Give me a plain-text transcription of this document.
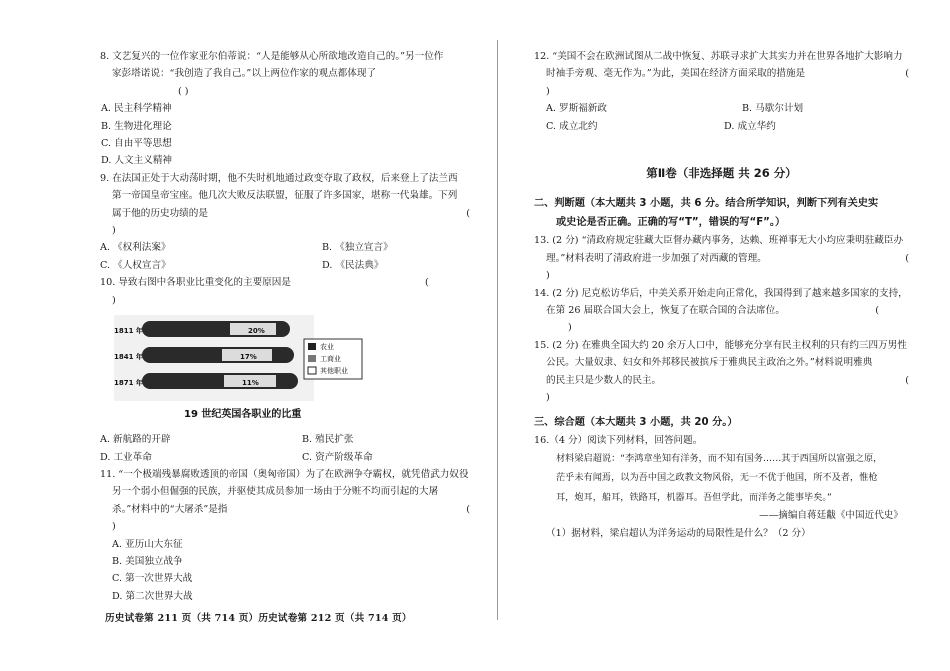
8. 文艺复兴的一位作家亚尔伯蒂说：“人是能够从心所欲地改造自己的。”另一位作

家彭塔诺说：“我创造了我自己。”以上两位作家的观点都体现了

( )

A. 民主科学精神

B. 生物进化理论

C. 自由平等思想

D. 人文主义精神

9. 在法国正处于大动荡时期，他不失时机地通过政变夺取了政权，后来登上了法兰西

第一帝国皇帝宝座。他几次大败反法联盟，征服了许多国家，堪称一代枭雄。下列

属于他的历史功绩的是	(

)

A. 《权利法案》	B. 《独立宣言》
C. 《人权宣言》	D. 《民法典》

10. 导致右图中各职业比重变化的主要原因是	(

)

20%
1811 年
17%
1841 年
11%
1871 年
农业
工商业
其他职业
19 世纪英国各职业的比重
A. 新航路的开辟	B. 殖民扩张
D. 工业革命	C. 资产阶级革命

11. “一个极端残暴腐败透顶的帝国（奥匈帝国）为了在欧洲争夺霸权，就凭借武力奴役

另一个弱小但倔强的民族，并驱使其成员参加一场由于分赃不均而引起的大屠

杀。”材料中的“大屠杀”是指	(

)

A. 亚历山大东征

B. 美国独立战争

C. 第一次世界大战

D. 第二次世界大战

12. “美国不会在欧洲试图从二战中恢复、苏联寻求扩大其实力并在世界各地扩大影响力

时袖手旁观、毫无作为。”为此，美国在经济方面采取的措施是	(

)

A. 罗斯福新政	B. 马歇尔计划
C. 成立北约	D. 成立华约

第Ⅱ卷（非选择题 共 26 分）

二、判断题（本大题共 3 小题，共 6 分。结合所学知识，判断下列有关史实
或史论是否正确。正确的写“T”，错误的写“F”。）

13. (2 分) “清政府规定驻藏大臣督办藏内事务，达赖、班禅事无大小均应秉明驻藏臣办

理。”材料表明了清政府进一步加强了对西藏的管理。	(

)

14. (2 分) 尼克松访华后，中美关系开始走向正常化，我国得到了越来越多国家的支持，

在第 26 届联合国大会上，恢复了在联合国的合法席位。	(

)

15. (2 分) 在雅典全国大约 20 余万人口中，能够充分享有民主权利的只有约三四万男性

公民。大量奴隶、妇女和外邦移民被摈斥于雅典民主政治之外。”材料说明雅典

的民主只是少数人的民主。	(

)

三、综合题（本大题共 3 小题，共 20 分。）

16.（4 分）阅读下列材料，回答问题。

材料梁启超说：“李鸿章坐知有洋务，而不知有国务……其于西国所以富强之原，

茫乎未有闻焉，以为吾中国之政教文物风俗，无一不优于他国，所不及者，惟枪

耳，炮耳，船耳，铁路耳，机器耳。吾但学此，而洋务之能事毕矣。”

——摘编自蒋廷黻《中国近代史》

（1）据材料，梁启超认为洋务运动的局限性是什么？（2 分）

历史试卷第 211 页（共 714 页）历史试卷第 212 页（共 714 页）
